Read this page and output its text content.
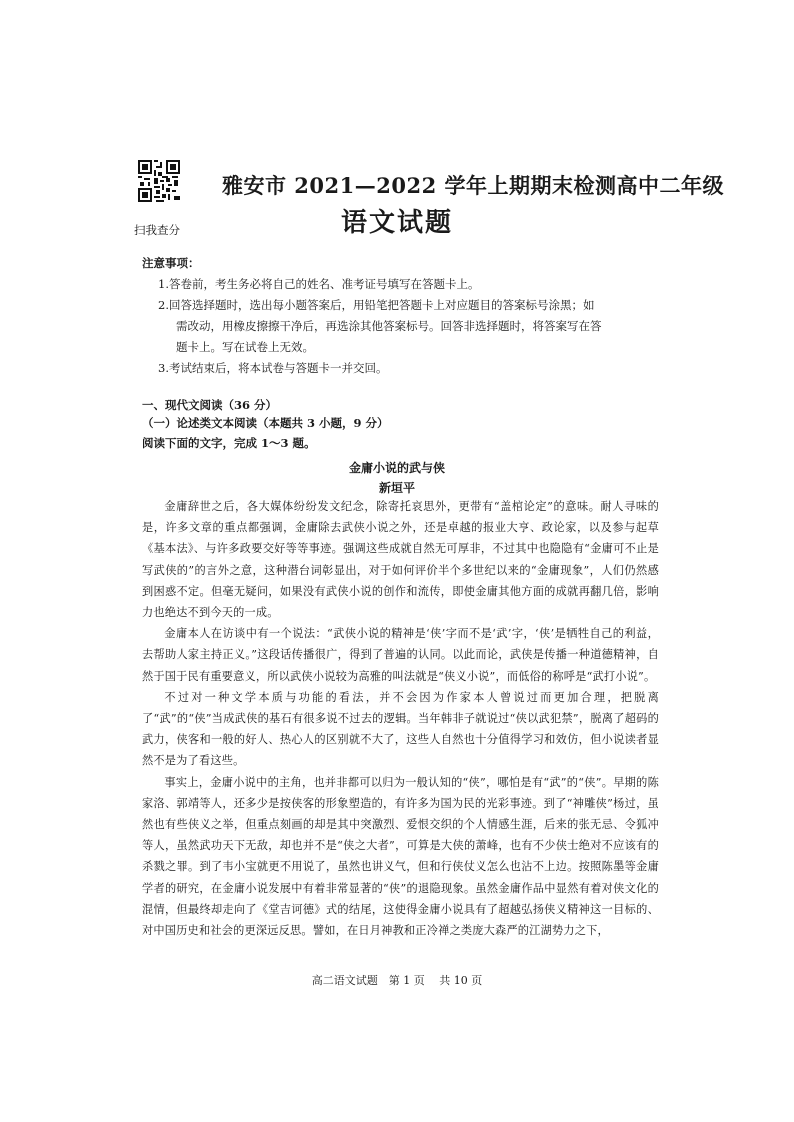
扫我查分
雅安市 2021—2022 学年上期期末检测高中二年级
语文试题
注意事项：
1.答卷前，考生务必将自己的姓名、准考证号填写在答题卡上。
2.回答选择题时，选出每小题答案后，用铅笔把答题卡上对应题目的答案标号涂黑；如
需改动，用橡皮擦擦干净后，再选涂其他答案标号。回答非选择题时，将答案写在答
题卡上。写在试卷上无效。
3.考试结束后，将本试卷与答题卡一并交回。
一、现代文阅读（36 分）
（一）论述类文本阅读（本题共 3 小题，9 分）
阅读下面的文字，完成 1～3 题。
金庸小说的武与侠
新垣平

金庸辞世之后，各大媒体纷纷发文纪念，除寄托哀思外，更带有“盖棺论定”的意味。耐人寻味的是，许多文章的重点都强调，金庸除去武侠小说之外，还是卓越的报业大亨、政论家，以及参与起草《基本法》、与许多政要交好等等事迹。强调这些成就自然无可厚非，不过其中也隐隐有“金庸可不止是写武侠的”的言外之意，这种潜台词彰显出，对于如何评价半个多世纪以来的“金庸现象”，人们仍然感到困惑不定。但毫无疑问，如果没有武侠小说的创作和流传，即使金庸其他方面的成就再翻几倍，影响力也绝达不到今天的一成。

金庸本人在访谈中有一个说法：“武侠小说的精神是‘侠’字而不是‘武’字，‘侠’是牺牲自己的利益，去帮助人家主持正义。”这段话传播很广，得到了普遍的认同。以此而论，武侠是传播一种道德精神，自然于国于民有重要意义，所以武侠小说较为高雅的叫法就是“侠义小说”，而低俗的称呼是“武打小说”。

不过对一种文学本质与功能的看法，并不会因为作家本人曾说过而更加合理，把脱离了“武”的“侠”当成武侠的基石有很多说不过去的逻辑。当年韩非子就说过“侠以武犯禁”，脱离了超码的武力，侠客和一般的好人、热心人的区别就不大了，这些人自然也十分值得学习和效仿，但小说读者显然不是为了看这些。

事实上，金庸小说中的主角，也并非都可以归为一般认知的“侠”，哪怕是有“武”的“侠”。早期的陈家洛、郭靖等人，还多少是按侠客的形象塑造的，有许多为国为民的光彩事迹。到了“神雕侠”杨过，虽然也有些侠义之举，但重点刻画的却是其中突激烈、爱恨交织的个人情感生涯，后来的张无忌、令狐冲等人，虽然武功天下无敌，却也并不是“侠之大者”，可算是大侠的萧峰，也有不少侠士绝对不应该有的杀戮之罪。到了韦小宝就更不用说了，虽然也讲义气，但和行侠仗义怎么也沾不上边。按照陈墨等金庸学者的研究，在金庸小说发展中有着非常显著的“侠”的退隐现象。虽然金庸作品中显然有着对侠文化的混情，但最终却走向了《堂吉诃德》式的结尾，这使得金庸小说具有了超越弘扬侠义精神这一目标的、对中国历史和社会的更深远反思。譬如，在日月神教和正冷禅之类庞大森严的江湖势力之下，

高二语文试题　第 1 页　 共 10 页
